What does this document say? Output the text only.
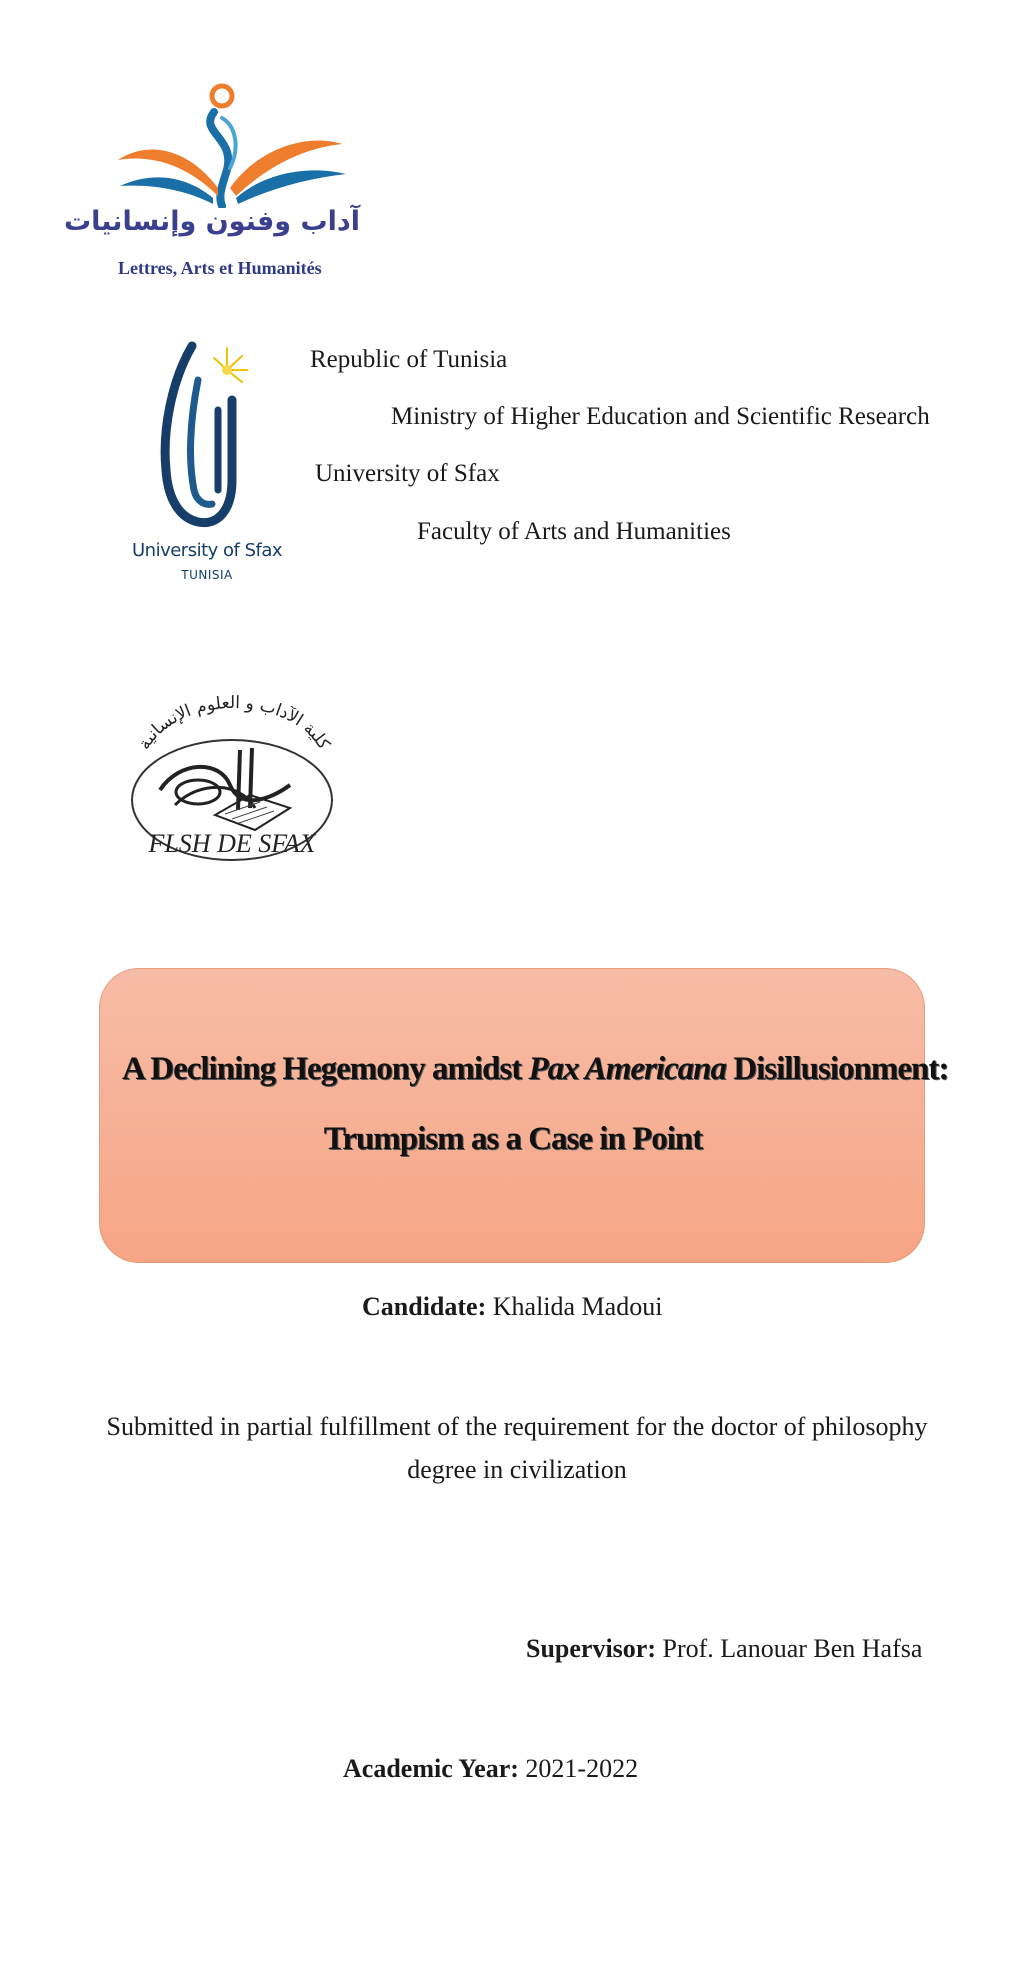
آداب وفنون وإنسانيات
Lettres, Arts et Humanités
University of Sfax
TUNISIA
Republic of Tunisia
Ministry of Higher Education and Scientific Research
University of Sfax
Faculty of Arts and Humanities
كلية الآداب و العلوم الإنسانية
FLSH DE SFAX
A Declining Hegemony amidst Pax Americana Disillusionment:
Trumpism as a Case in Point
Candidate: Khalida Madoui
Submitted in partial fulfillment of the requirement for the doctor of philosophy
degree in civilization
Supervisor: Prof. Lanouar Ben Hafsa
Academic Year: 2021-2022
